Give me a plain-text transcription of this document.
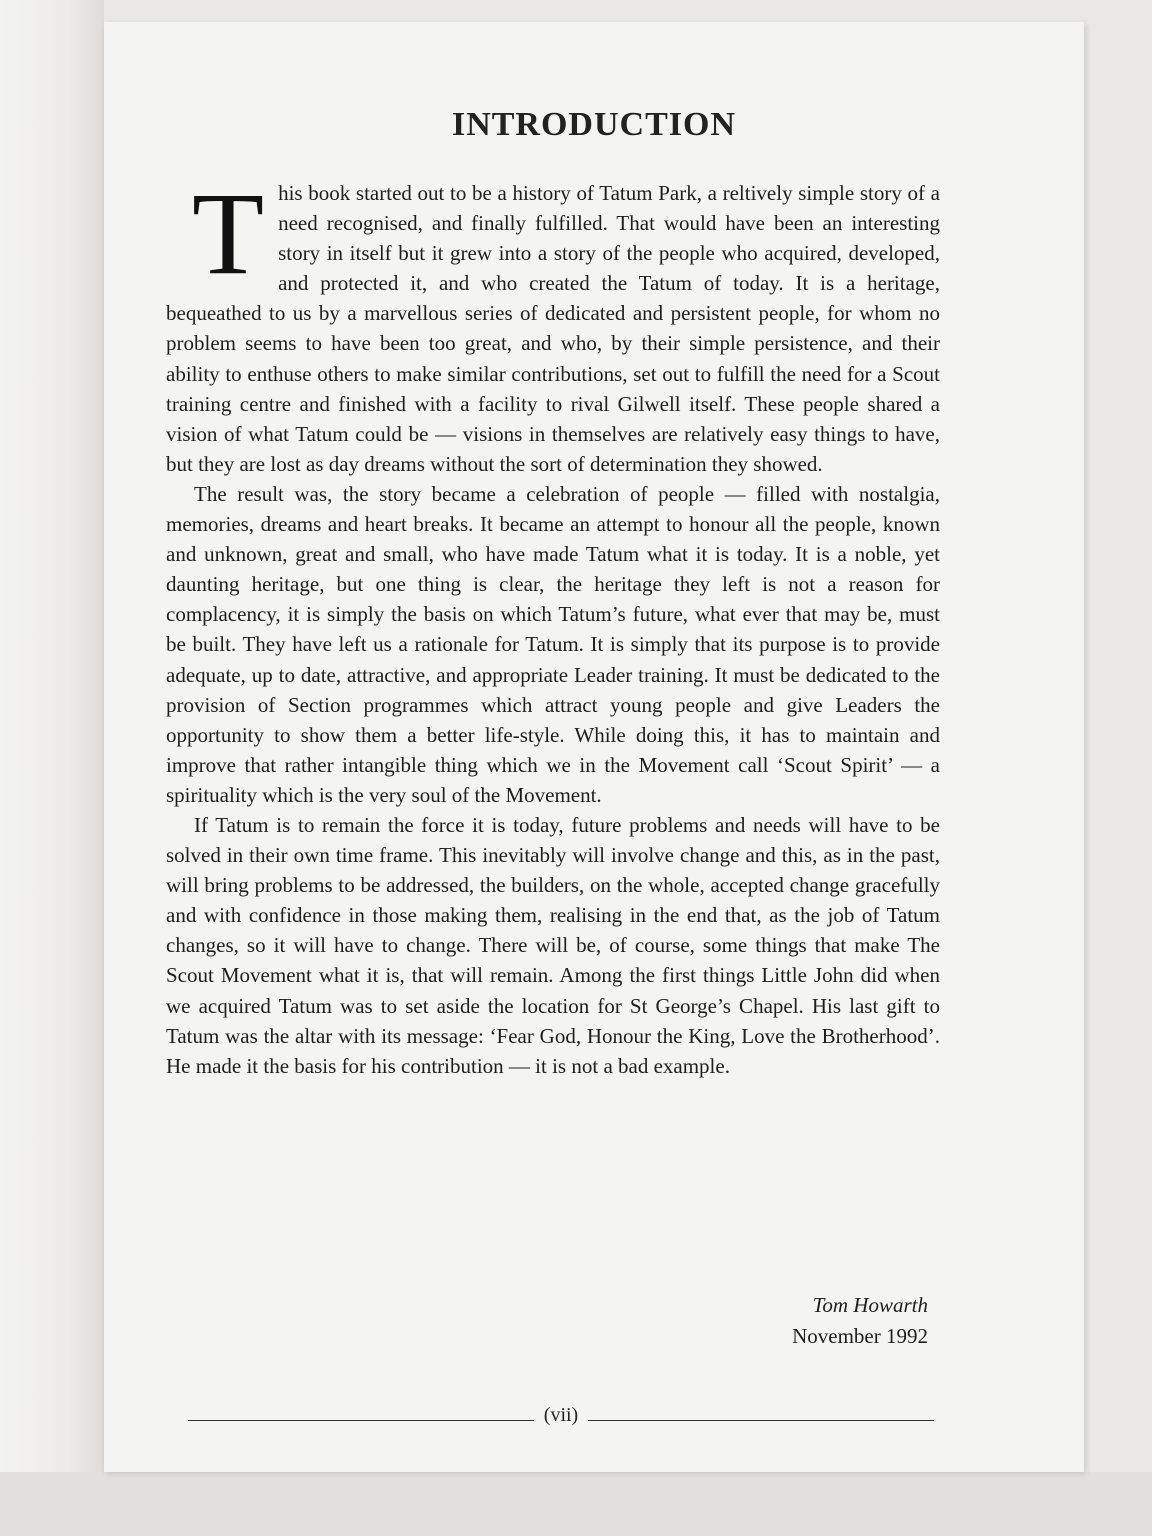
INTRODUCTION

This book started out to be a history of Tatum Park, a reltively simple story of a need recognised, and finally fulfilled. That would have been an interesting story in itself but it grew into a story of the people who acquired, developed, and protected it, and who created the Tatum of today. It is a heritage, bequeathed to us by a marvellous series of dedicated and persistent people, for whom no problem seems to have been too great, and who, by their simple persistence, and their ability to enthuse others to make similar contributions, set out to fulfill the need for a Scout training centre and finished with a facility to rival Gilwell itself. These people shared a vision of what Tatum could be — visions in themselves are relatively easy things to have, but they are lost as day dreams without the sort of determination they showed.

The result was, the story became a celebration of people — filled with nostalgia, memories, dreams and heart breaks. It became an attempt to honour all the people, known and unknown, great and small, who have made Tatum what it is today. It is a noble, yet daunting heritage, but one thing is clear, the heritage they left is not a reason for complacency, it is simply the basis on which Tatum’s future, what ever that may be, must be built. They have left us a rationale for Tatum. It is simply that its purpose is to provide adequate, up to date, attractive, and appropriate Leader training. It must be dedicated to the provision of Section programmes which attract young people and give Leaders the opportunity to show them a better life-style. While doing this, it has to maintain and improve that rather intangible thing which we in the Movement call ‘Scout Spirit’ — a spirituality which is the very soul of the Movement.

If Tatum is to remain the force it is today, future problems and needs will have to be solved in their own time frame. This inevitably will involve change and this, as in the past, will bring problems to be addressed, the builders, on the whole, accepted change gracefully and with confidence in those making them, realising in the end that, as the job of Tatum changes, so it will have to change. There will be, of course, some things that make The Scout Movement what it is, that will remain. Among the first things Little John did when we acquired Tatum was to set aside the location for St George’s Chapel. His last gift to Tatum was the altar with its message: ‘Fear God, Honour the King, Love the Brotherhood’. He made it the basis for his contribution — it is not a bad example.

Tom Howarth
November 1992
(vii)
